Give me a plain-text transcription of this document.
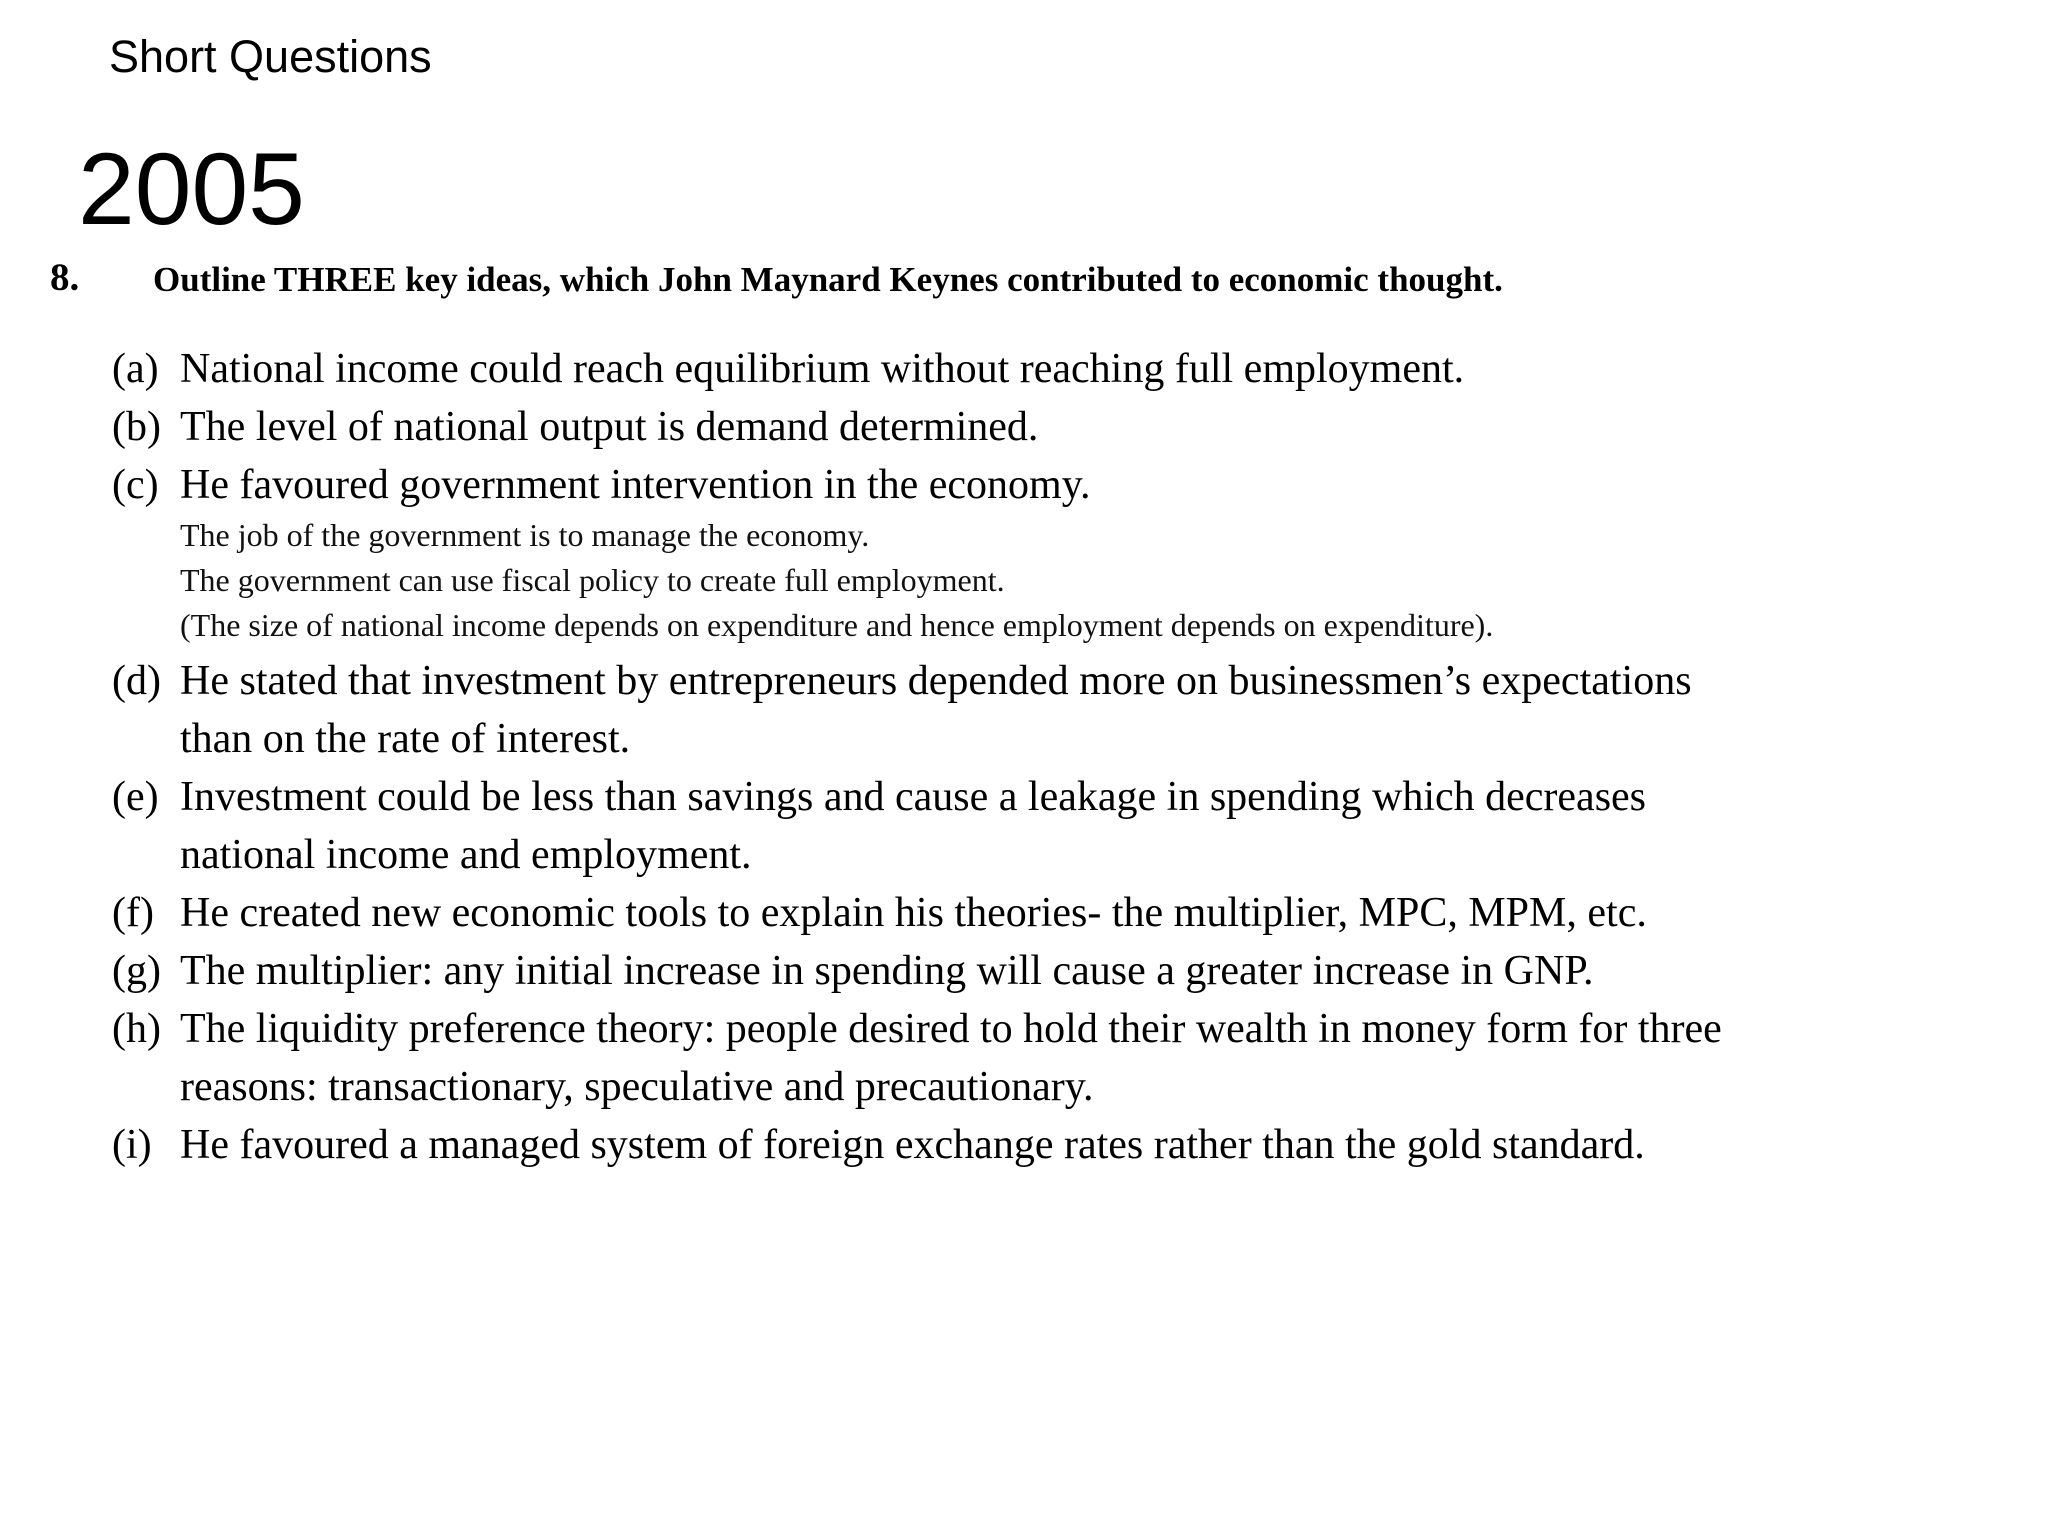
Short Questions
2005
8. Outline THREE key ideas, which John Maynard Keynes contributed to economic thought.
(a) National income could reach equilibrium without reaching full employment.
(b) The level of national output is demand determined.
(c) He favoured government intervention in the economy.
The job of the government is to manage the economy.
The government can use fiscal policy to create full employment.
(The size of national income depends on expenditure and hence employment depends on expenditure).
(d) He stated that investment by entrepreneurs depended more on businessmen’s expectations
than on the rate of interest.
(e) Investment could be less than savings and cause a leakage in spending which decreases
national income and employment.
(f) He created new economic tools to explain his theories- the multiplier, MPC, MPM, etc.
(g) The multiplier: any initial increase in spending will cause a greater increase in GNP.
(h) The liquidity preference theory: people desired to hold their wealth in money form for three
reasons: transactionary, speculative and precautionary.
(i) He favoured a managed system of foreign exchange rates rather than the gold standard.
